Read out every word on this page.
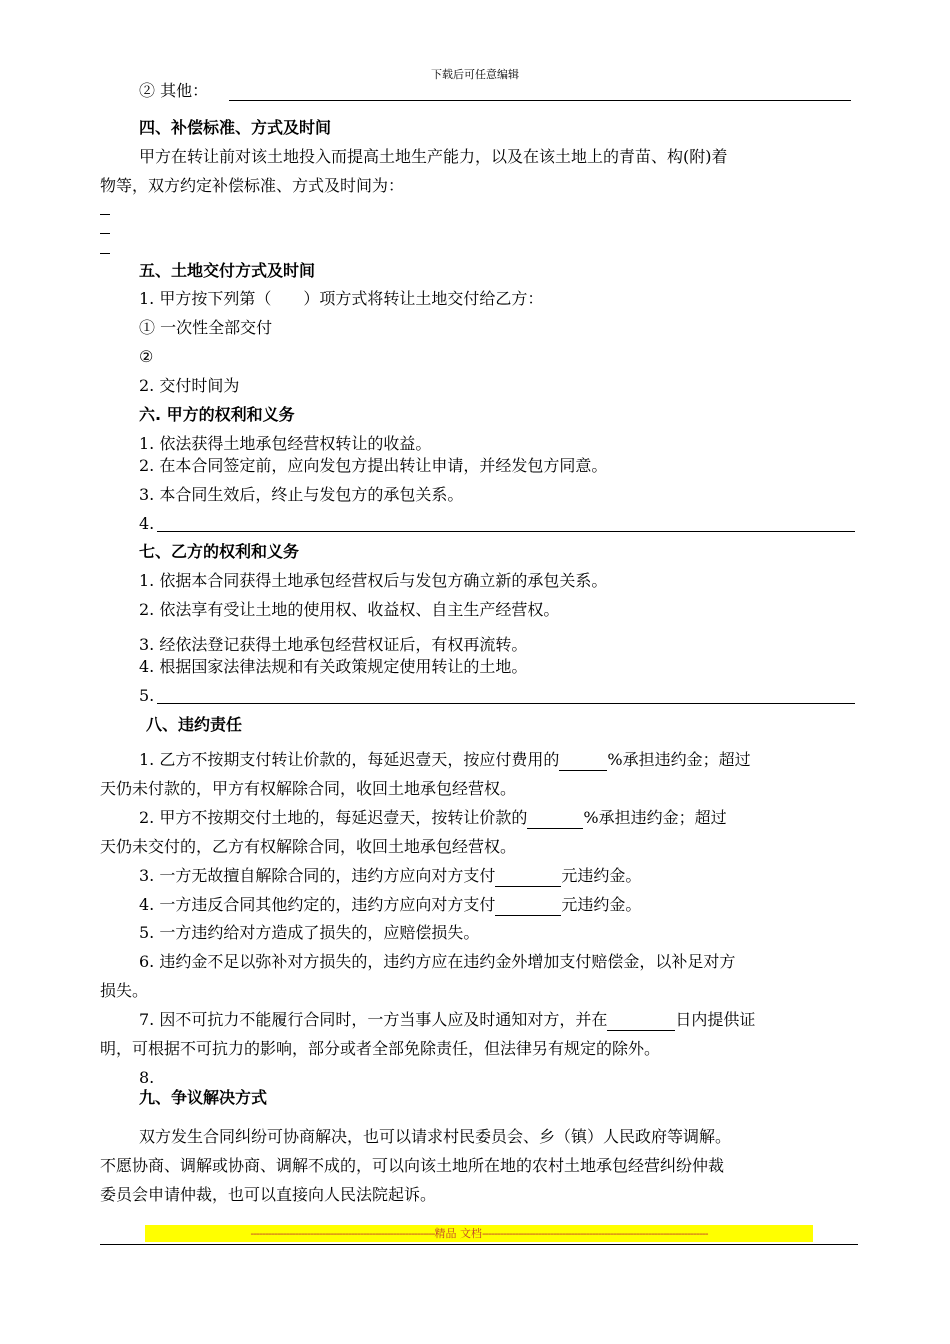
下载后可任意编辑
② 其他：
四、补偿标准、方式及时间
甲方在转让前对该土地投入而提高土地生产能力，以及在该土地上的青苗、构(附)着
物等，双方约定补偿标准、方式及时间为：
五、土地交付方式及时间
1. 甲方按下列第（　　）项方式将转让土地交付给乙方：
① 一次性全部交付
②
2. 交付时间为
六. 甲方的权利和义务
1. 依法获得土地承包经营权转让的收益。
2. 在本合同签定前，应向发包方提出转让申请，并经发包方同意。
3. 本合同生效后，终止与发包方的承包关系。
4.
七、乙方的权利和义务
1. 依据本合同获得土地承包经营权后与发包方确立新的承包关系。
2. 依法享有受让土地的使用权、收益权、自主生产经营权。
3. 经依法登记获得土地承包经营权证后，有权再流转。
4. 根据国家法律法规和有关政策规定使用转让的土地。
5.
八、违约责任
1. 乙方不按期支付转让价款的，每延迟壹天，按应付费用的	%承担违约金；超过
天仍未付款的，甲方有权解除合同，收回土地承包经营权。
2. 甲方不按期交付土地的，每延迟壹天，按转让价款的	%承担违约金；超过
天仍未交付的，乙方有权解除合同，收回土地承包经营权。
3. 一方无故擅自解除合同的，违约方应向对方支付	元违约金。
4. 一方违反合同其他约定的，违约方应向对方支付	元违约金。
5. 一方违约给对方造成了损失的，应赔偿损失。
6. 违约金不足以弥补对方损失的，违约方应在违约金外增加支付赔偿金，以补足对方
损失。
7. 因不可抗力不能履行合同时，一方当事人应及时通知对方，并在	日内提供证
明，可根据不可抗力的影响，部分或者全部免除责任，但法律另有规定的除外。
8.
九、争议解决方式
双方发生合同纠纷可协商解决，也可以请求村民委员会、乡（镇）人民政府等调解。
不愿协商、调解或协商、调解不成的，可以向该土地所在地的农村土地承包经营纠纷仲裁
委员会申请仲裁，也可以直接向人民法院起诉。
--------------------------------------------------------------精品 文档----------------------------------------------------------------------------
